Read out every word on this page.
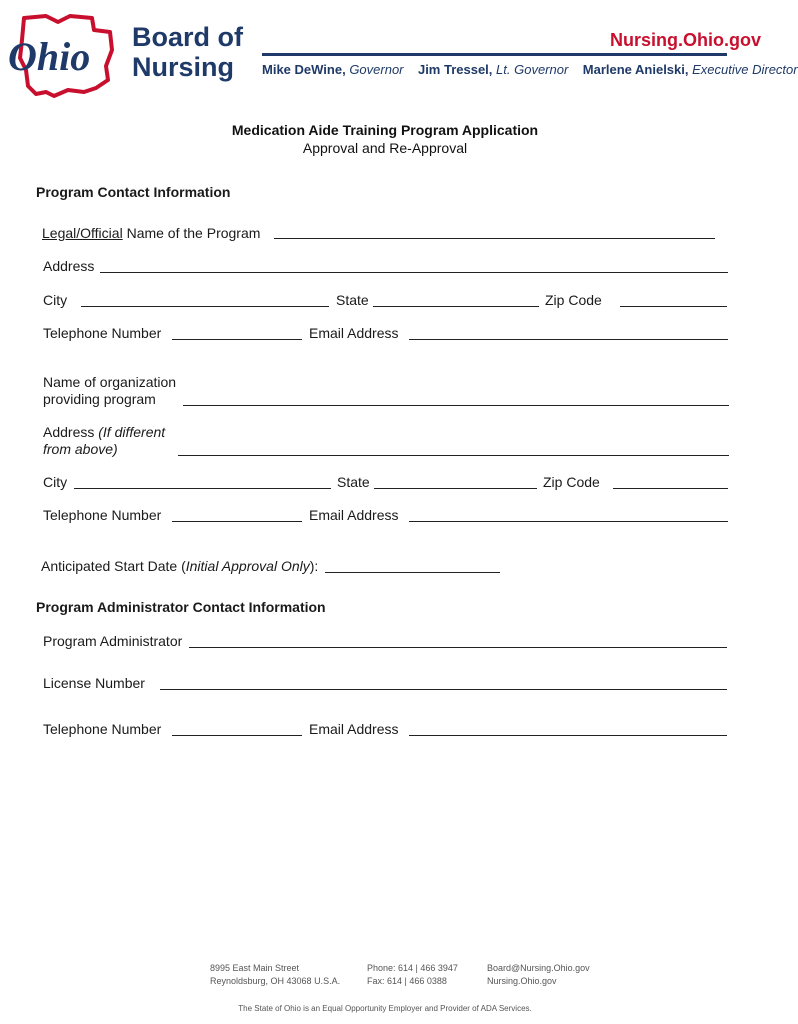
Ohio Board of
Nursing
Nursing.Ohio.gov
Mike DeWine, Governor Jim Tressel, Lt. Governor Marlene Anielski, Executive Director
Medication Aide Training Program Application
Approval and Re-Approval
Program Contact Information
Legal/Official Name of the Program
Address
City	State	Zip Code
Telephone Number	Email Address
Name of organization
providing program
Address (If different
from above)
City	State	Zip Code
Telephone Number	Email Address
Anticipated Start Date (Initial Approval Only):
Program Administrator Contact Information
Program Administrator
License Number
Telephone Number	Email Address
8995 East Main Street
Reynoldsburg, OH 43068 U.S.A.
Phone: 614 | 466 3947
Fax: 614 | 466 0388
Board@Nursing.Ohio.gov
Nursing.Ohio.gov
The State of Ohio is an Equal Opportunity Employer and Provider of ADA Services.
